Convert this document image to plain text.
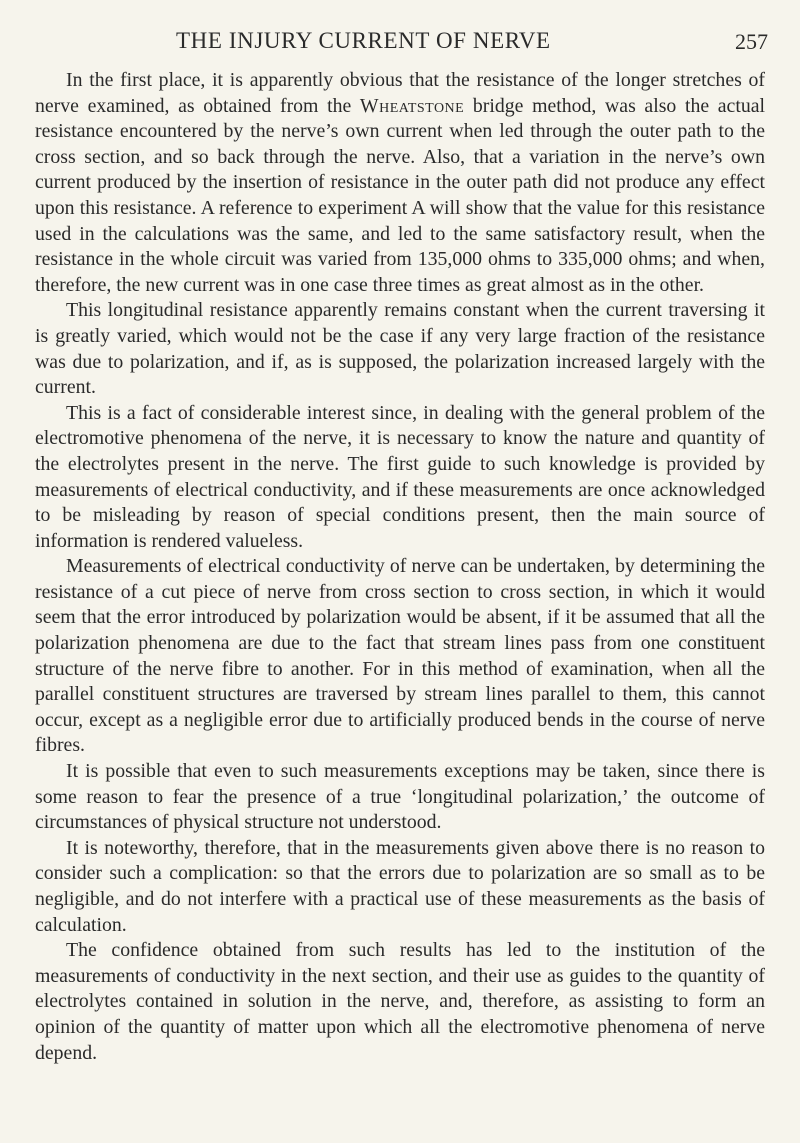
THE INJURY CURRENT OF NERVE	257

In the first place, it is apparently obvious that the resistance of the longer stretches of nerve examined, as obtained from the Wheatstone bridge method, was also the actual resistance encountered by the nerve’s own current when led through the outer path to the cross section, and so back through the nerve. Also, that a variation in the nerve’s own current produced by the insertion of resistance in the outer path did not produce any effect upon this resistance. A reference to experiment A will show that the value for this resistance used in the calculations was the same, and led to the same satisfactory result, when the resistance in the whole circuit was varied from 135,000 ohms to 335,000 ohms; and when, therefore, the new current was in one case three times as great almost as in the other.

This longitudinal resistance apparently remains constant when the current traversing it is greatly varied, which would not be the case if any very large fraction of the resistance was due to polarization, and if, as is supposed, the polarization increased largely with the current.

This is a fact of considerable interest since, in dealing with the general problem of the electromotive phenomena of the nerve, it is necessary to know the nature and quantity of the electrolytes present in the nerve. The first guide to such knowledge is provided by measurements of electrical conductivity, and if these measurements are once acknowledged to be misleading by reason of special conditions present, then the main source of information is rendered valueless.

Measurements of electrical conductivity of nerve can be undertaken, by determining the resistance of a cut piece of nerve from cross section to cross section, in which it would seem that the error introduced by polarization would be absent, if it be assumed that all the polarization phenomena are due to the fact that stream lines pass from one constituent structure of the nerve fibre to another. For in this method of examination, when all the parallel constituent structures are traversed by stream lines parallel to them, this cannot occur, except as a negligible error due to artificially produced bends in the course of nerve fibres.

It is possible that even to such measurements exceptions may be taken, since there is some reason to fear the presence of a true ‘longitudinal polarization,’ the outcome of circumstances of physical structure not understood.

It is noteworthy, therefore, that in the measurements given above there is no reason to consider such a complication: so that the errors due to polarization are so small as to be negligible, and do not interfere with a practical use of these measurements as the basis of calculation.

The confidence obtained from such results has led to the institution of the measurements of conductivity in the next section, and their use as guides to the quantity of electrolytes contained in solution in the nerve, and, therefore, as assisting to form an opinion of the quantity of matter upon which all the electromotive phenomena of nerve depend.
